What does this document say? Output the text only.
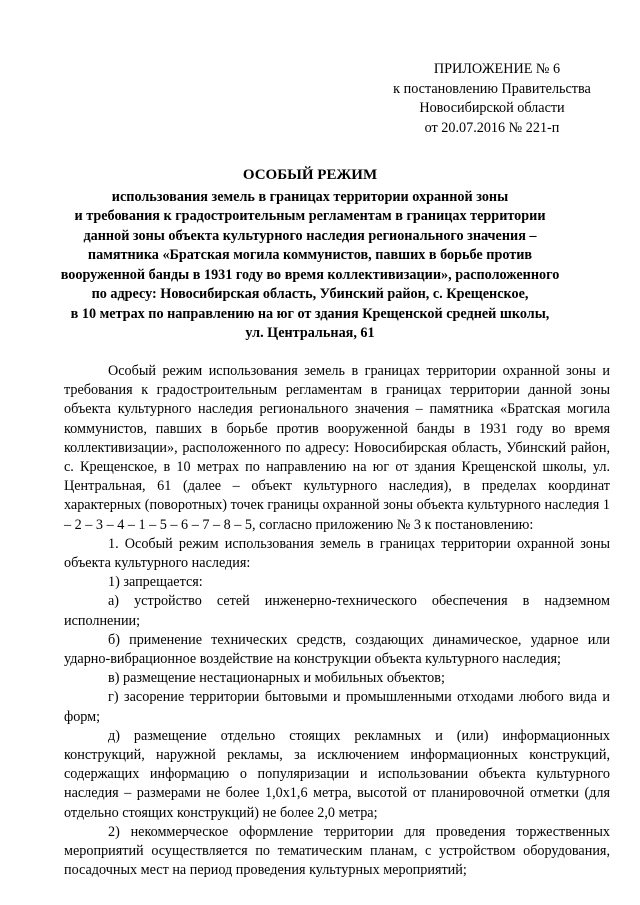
ПРИЛОЖЕНИЕ № 6
к постановлению Правительства
Новосибирской области
от 20.07.2016 № 221-п
ОСОБЫЙ РЕЖИМ
использования земель в границах территории охранной зоны
и требования к градостроительным регламентам в границах территории
данной зоны объекта культурного наследия регионального значения –
памятника «Братская могила коммунистов, павших в борьбе против
вооруженной банды в 1931 году во время коллективизации», расположенного
по адресу: Новосибирская область, Убинский район, с. Крещенское,
в 10 метрах по направлению на юг от здания Крещенской средней школы,
ул. Центральная, 61

Особый режим использования земель в границах территории охранной зоны и требования к градостроительным регламентам в границах территории данной зоны объекта культурного наследия регионального значения – памятника «Братская могила коммунистов, павших в борьбе против вооруженной банды в 1931 году во время коллективизации», расположенного по адресу: Новосибирская область, Убинский район, с. Крещенское, в 10 метрах по направлению на юг от здания Крещенской школы, ул. Центральная, 61 (далее – объект культурного наследия), в пределах координат характерных (поворотных) точек границы охранной зоны объекта культурного наследия 1 – 2 – 3 – 4 – 1 – 5 – 6 – 7 – 8 – 5, согласно приложению № 3 к постановлению:

1. Особый режим использования земель в границах территории охранной зоны объекта культурного наследия:

1) запрещается:

а) устройство сетей инженерно-технического обеспечения в надземном исполнении;

б) применение технических средств, создающих динамическое, ударное или ударно-вибрационное воздействие на конструкции объекта культурного наследия;

в) размещение нестационарных и мобильных объектов;

г) засорение территории бытовыми и промышленными отходами любого вида и форм;

д) размещение отдельно стоящих рекламных и (или) информационных конструкций, наружной рекламы, за исключением информационных конструкций, содержащих информацию о популяризации и использовании объекта культурного наследия – размерами не более 1,0х1,6 метра, высотой от планировочной отметки (для отдельно стоящих конструкций) не более 2,0 метра;

2) некоммерческое оформление территории для проведения торжественных мероприятий осуществляется по тематическим планам, с устройством оборудования, посадочных мест на период проведения культурных мероприятий;
